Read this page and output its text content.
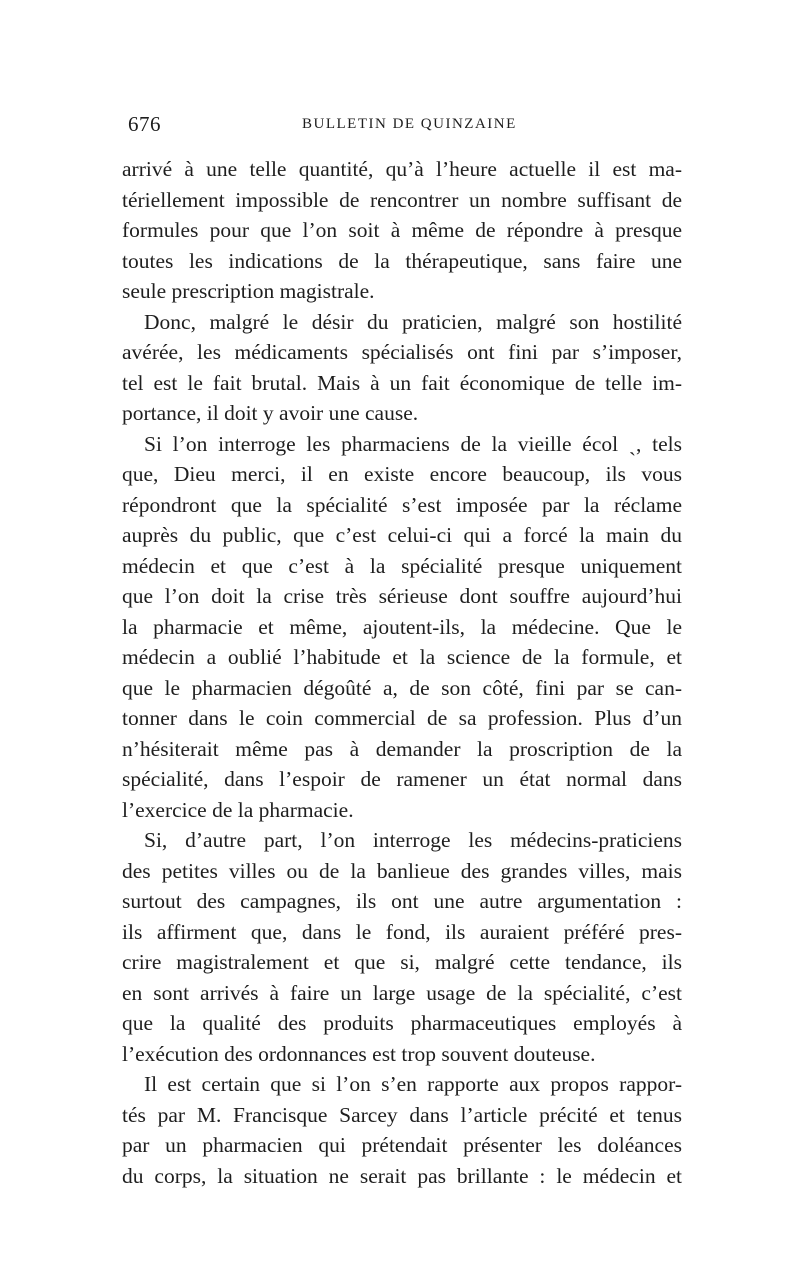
676	BULLETIN DE QUINZAINE
arrivé à une telle quantité, qu’à l’heure actuelle il est ma-
tériellement impossible de rencontrer un nombre suffisant de
formules pour que l’on soit à même de répondre à presque
toutes les indications de la thérapeutique, sans faire une
seule prescription magistrale.
Donc, malgré le désir du praticien, malgré son hostilité
avérée, les médicaments spécialisés ont fini par s’imposer,
tel est le fait brutal. Mais à un fait économique de telle im-
portance, il doit y avoir une cause.
Si l’on interroge les pharmaciens de la vieille écol ˎ, tels
que, Dieu merci, il en existe encore beaucoup, ils vous
répondront que la spécialité s’est imposée par la réclame
auprès du public, que c’est celui-ci qui a forcé la main du
médecin et que c’est à la spécialité presque uniquement
que l’on doit la crise très sérieuse dont souffre aujourd’hui
la pharmacie et même, ajoutent-ils, la médecine. Que le
médecin a oublié l’habitude et la science de la formule, et
que le pharmacien dégoûté a, de son côté, fini par se can-
tonner dans le coin commercial de sa profession. Plus d’un
n’hésiterait même pas à demander la proscription de la
spécialité, dans l’espoir de ramener un état normal dans
l’exercice de la pharmacie.
Si, d’autre part, l’on interroge les médecins-praticiens
des petites villes ou de la banlieue des grandes villes, mais
surtout des campagnes, ils ont une autre argumentation :
ils affirment que, dans le fond, ils auraient préféré pres-
crire magistralement et que si, malgré cette tendance, ils
en sont arrivés à faire un large usage de la spécialité, c’est
que la qualité des produits pharmaceutiques employés à
l’exécution des ordonnances est trop souvent douteuse.
Il est certain que si l’on s’en rapporte aux propos rappor-
tés par M. Francisque Sarcey dans l’article précité et tenus
par un pharmacien qui prétendait présenter les doléances
du corps, la situation ne serait pas brillante : le médecin et
